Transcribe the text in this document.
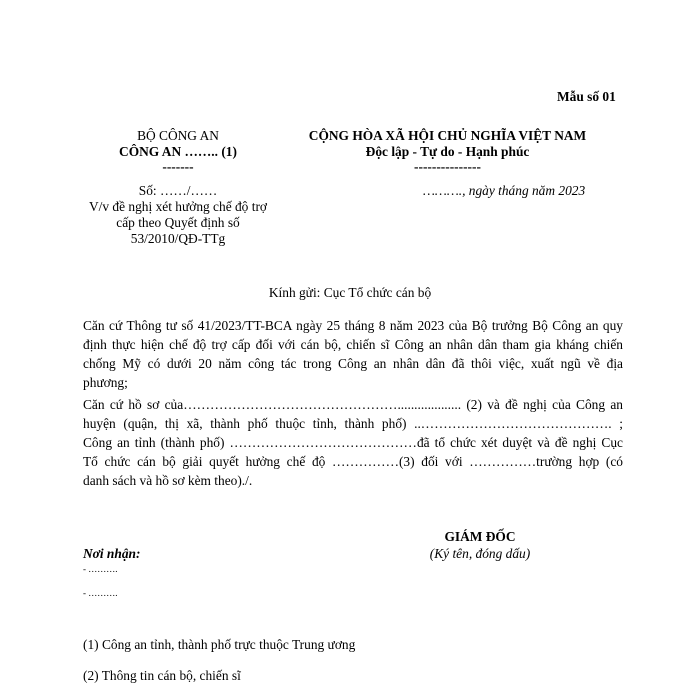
Mẫu số 01
BỘ CÔNG AN
CÔNG AN …….. (1)
-------
Số: ……/……
V/v đề nghị xét hưởng chế độ trợ
cấp theo Quyết định số
53/2010/QĐ-TTg
CỘNG HÒA XÃ HỘI CHỦ NGHĨA VIỆT NAM
Độc lập - Tự do - Hạnh phúc
---------------
………., ngày tháng năm 2023
Kính gửi: Cục Tổ chức cán bộ
Căn cứ Thông tư số 41/2023/TT-BCA ngày 25 tháng 8 năm 2023 của Bộ trưởng Bộ Công an quy
định thực hiện chế độ trợ cấp đối với cán bộ, chiến sĩ Công an nhân dân tham gia kháng chiến
chống Mỹ có dưới 20 năm công tác trong Công an nhân dân đã thôi việc, xuất ngũ về địa
phương;
Căn cứ hồ sơ của…………………………………………................... (2) và đề nghị của Công an
huyện (quận, thị xã, thành phố thuộc tỉnh, thành phố) ..……………………………………. ;
Công an tỉnh (thành phố) ……………………………………đã tổ chức xét duyệt và đề nghị Cục
Tổ chức cán bộ giải quyết hưởng chế độ ……………(3) đối với ……………trường hợp (có
danh sách và hồ sơ kèm theo)./.
GIÁM ĐỐC
(Ký tên, đóng dấu)
Nơi nhận:
- ……….
- ……….
(1) Công an tỉnh, thành phố trực thuộc Trung ương
(2) Thông tin cán bộ, chiến sĩ
